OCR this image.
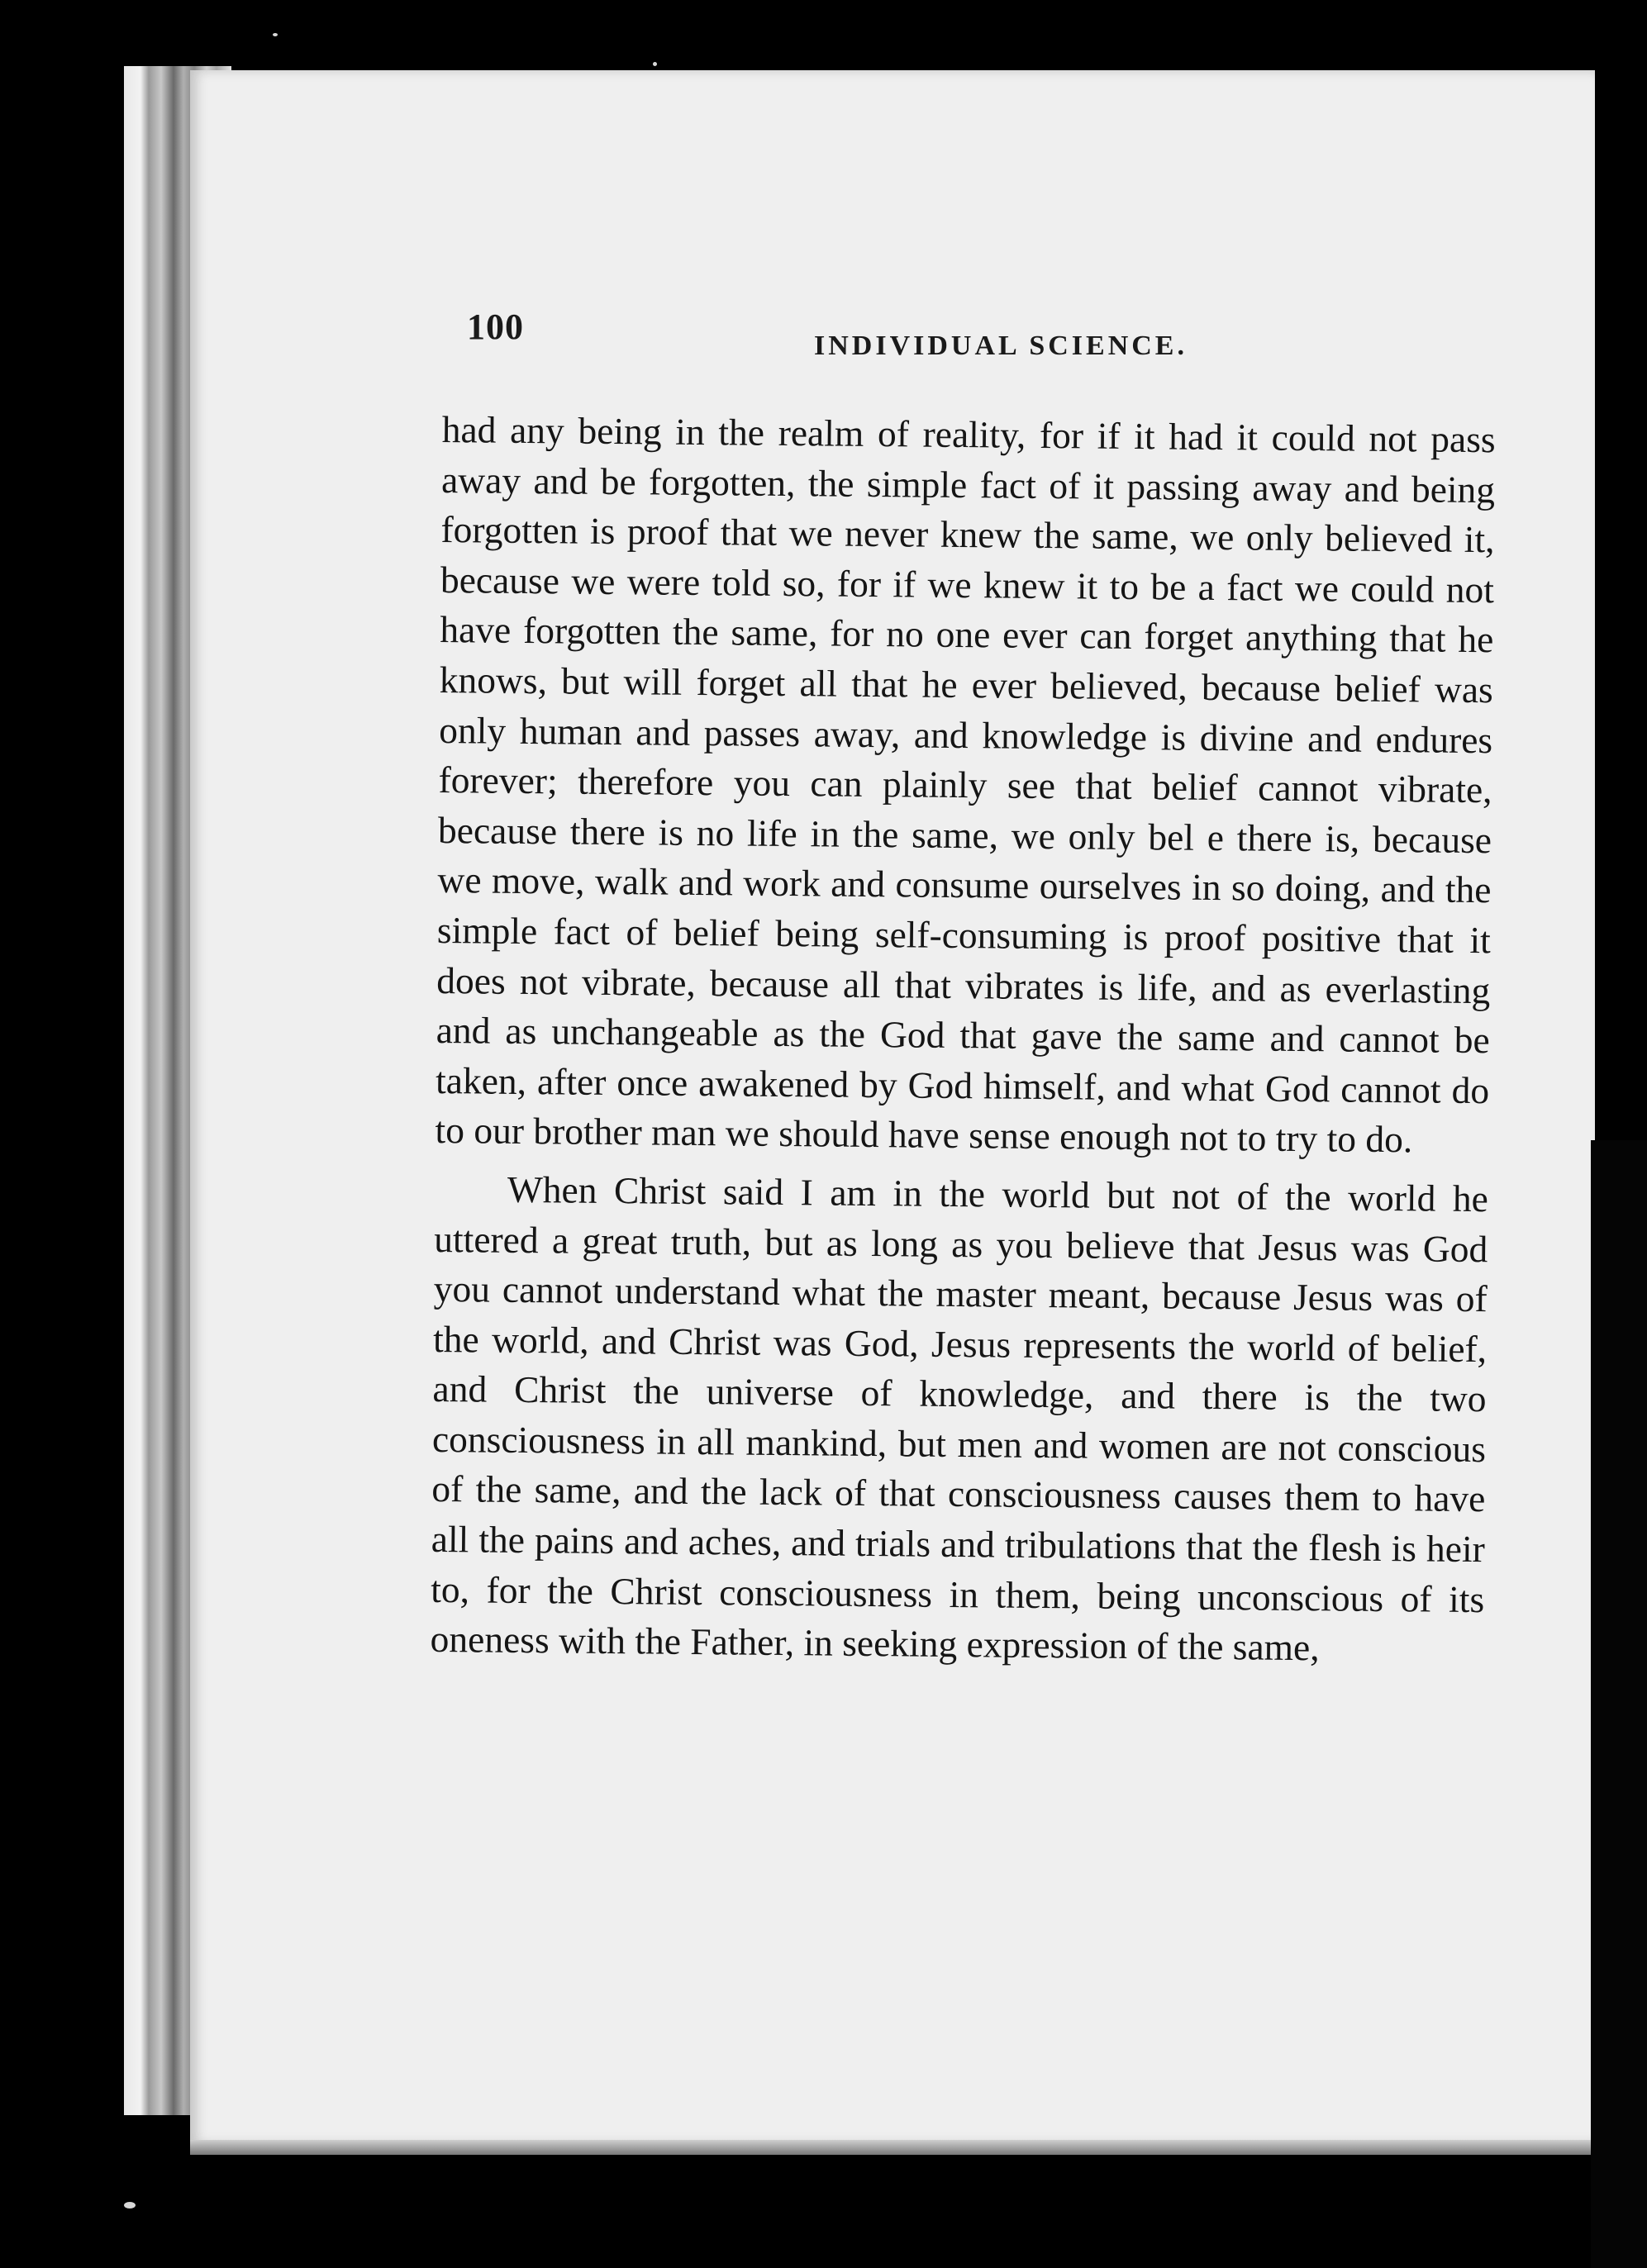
100	INDIVIDUAL SCIENCE.

had any being in the realm of reality, for if it had it could not pass away and be forgotten, the simple fact of it passing away and being forgotten is proof that we never knew the same, we only believed it, because we were told so, for if we knew it to be a fact we could not have forgotten the same, for no one ever can forget anything that he knows, but will forget all that he ever believed, because belief was only human and passes away, and knowledge is divine and endures forever; therefore you can plainly see that belief cannot vibrate, because there is no life in the same, we only bel e there is, because we move, walk and work and consume ourselves in so doing, and the simple fact of belief being self-consuming is proof positive that it does not vibrate, because all that vibrates is life, and as everlasting and as unchangeable as the God that gave the same and cannot be taken, after once awakened by God himself, and what God cannot do to our brother man we should have sense enough not to try to do.

When Christ said I am in the world but not of the world he uttered a great truth, but as long as you believe that Jesus was God you cannot understand what the master meant, because Jesus was of the world, and Christ was God, Jesus represents the world of belief, and Christ the universe of knowledge, and there is the two consciousness in all mankind, but men and women are not conscious of the same, and the lack of that consciousness causes them to have all the pains and aches, and trials and tribulations that the flesh is heir to, for the Christ consciousness in them, being unconscious of its oneness with the Father, in seeking expression of the same,
